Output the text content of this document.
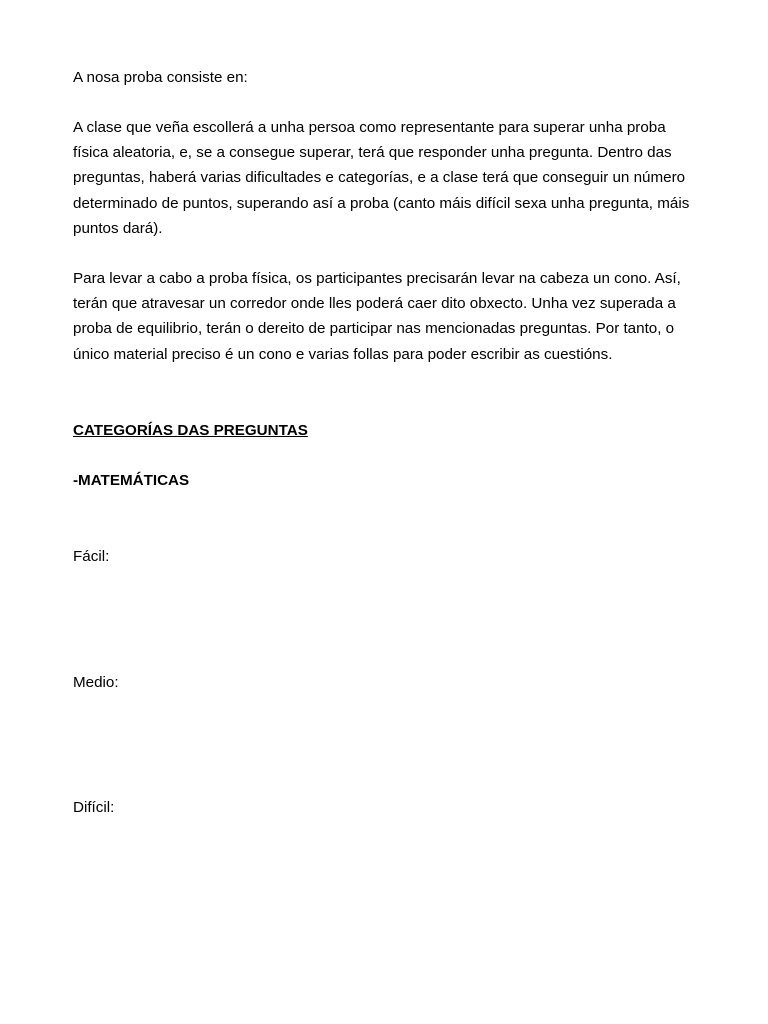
A nosa proba consiste en:

A clase que veña escollerá a unha persoa como representante para superar unha proba física aleatoria, e, se a consegue superar, terá que responder unha pregunta. Dentro das preguntas, haberá varias dificultades e categorías, e a clase terá que conseguir un número determinado de puntos, superando así a proba (canto máis difícil sexa unha pregunta, máis puntos dará).

Para levar a cabo a proba física, os participantes precisarán levar na cabeza un cono. Así, terán que atravesar un corredor onde lles poderá caer dito obxecto. Unha vez superada a proba de equilibrio, terán o dereito de participar nas mencionadas preguntas. Por tanto, o único material preciso é un cono e varias follas para poder escribir as cuestións.

CATEGORÍAS DAS PREGUNTAS

-MATEMÁTICAS

Fácil:

Medio:

Difícil:
